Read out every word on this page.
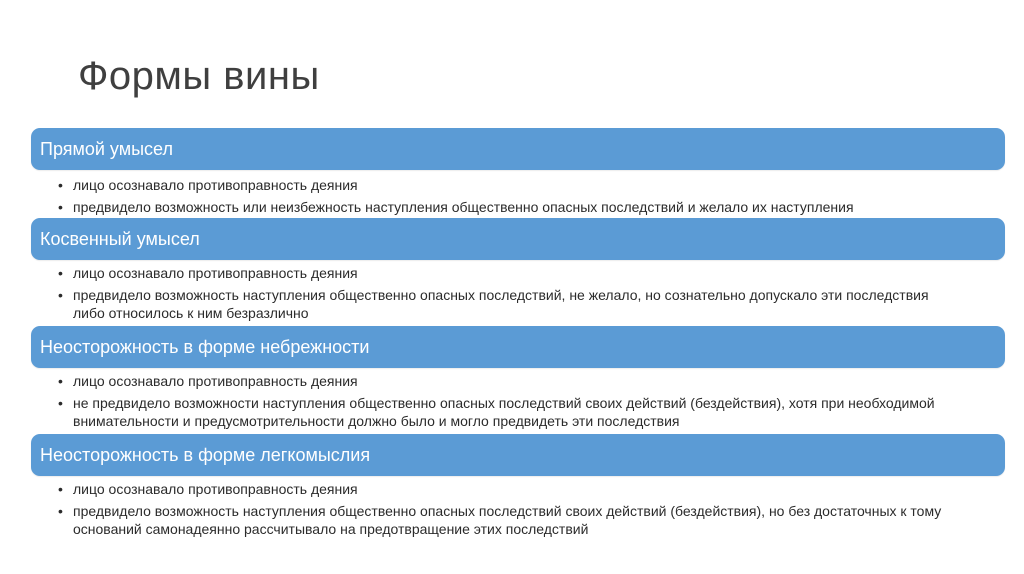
Формы вины
Прямой умысел
• лицо осознавало противоправность деяния
• предвидело возможность или неизбежность наступления общественно опасных последствий и желало их наступления
Косвенный умысел
• лицо осознавало противоправность деяния
• предвидело возможность наступления общественно опасных последствий, не желало, но сознательно допускало эти последствия либо относилось к ним безразлично
Неосторожность в форме небрежности
• лицо осознавало противоправность деяния
• не предвидело возможности наступления общественно опасных последствий своих действий (бездействия), хотя при необходимой внимательности и предусмотрительности должно было и могло предвидеть эти последствия
Неосторожность в форме легкомыслия
• лицо осознавало противоправность деяния
• предвидело возможность наступления общественно опасных последствий своих действий (бездействия), но без достаточных к тому оснований самонадеянно рассчитывало на предотвращение этих последствий
